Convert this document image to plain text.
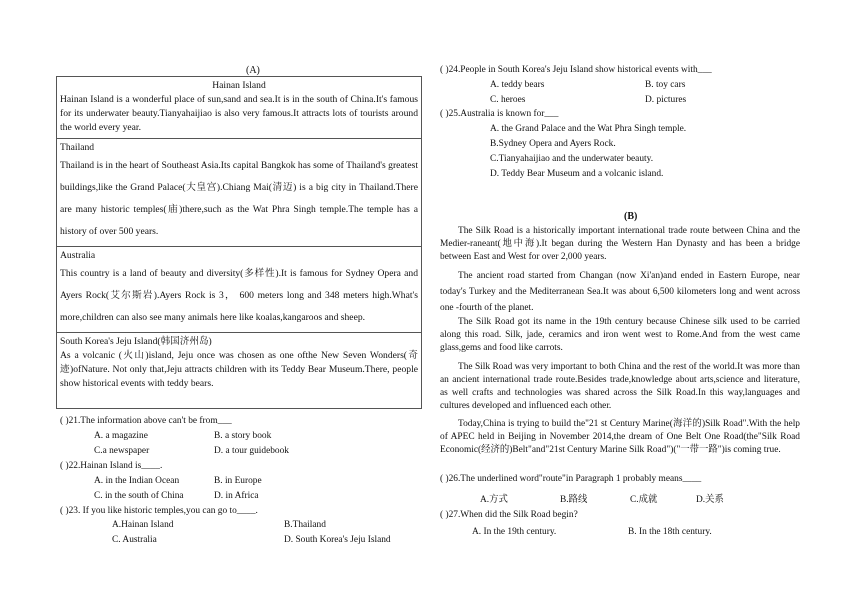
(A)
Hainan Island
Hainan Island is a wonderful place of sun,sand and sea.It is in the south of China.It's famous for its underwater beauty.Tianyahaijiao is also very famous.It attracts lots of tourists around the world every year.

Thailand
Thailand is in the heart of Southeast Asia.Its capital Bangkok has some of Thailand's greatest buildings,like the Grand Palace(大皇宫).Chiang Mai(清迈) is a big city in Thailand.There are many historic temples(庙)there,such as the Wat Phra Singh temple.The temple has a history of over 500 years.

Australia
This country is a land of beauty and diversity(多样性).It is famous for Sydney Opera and Ayers Rock(艾尔斯岩).Ayers Rock is 3， 600 meters long and 348 meters high.What's more,children can also see many animals here like koalas,kangaroos and sheep.

South Korea's Jeju Island(韩国济州岛)
As a volcanic (火山)island, Jeju once was chosen as one ofthe New Seven Wonders(奇迹)ofNature. Not only that,Jeju attracts children with its Teddy Bear Museum.There, people show historical events with teddy bears.
( )21.The information above can't be from___
A. a magazine	B. a story book
C.a newspaper	D. a tour guidebook
( )22.Hainan Island is____.
A. in the Indian Ocean	B. in Europe
C. in the south of China	D. in Africa
( )23. If you like historic temples,you can go to____.
A.Hainan Island	B.Thailand
C. Australia	D. South Korea's Jeju Island
( )24.People in South Korea's Jeju Island show historical events with___
A. teddy bears	B. toy cars
C. heroes	D. pictures
( )25.Australia is known for___
A. the Grand Palace and the Wat Phra Singh temple.
B.Sydney Opera and Ayers Rock.
C.Tianyahaijiao and the underwater beauty.
D. Teddy Bear Museum and a volcanic island.
(B)
The Silk Road is a historically important international trade route between China and the Medier-raneant(地中海).It began during the Western Han Dynasty and has been a bridge between East and West for over 2,000 years.
The ancient road started from Changan (now Xi'an)and ended in Eastern Europe, near today's Turkey and the Mediterranean Sea.It was about 6,500 kilometers long and went across one -fourth of the planet.
The Silk Road got its name in the 19th century because Chinese silk used to be carried along this road. Silk, jade, ceramics and iron went west to Rome.And from the west came glass,gems and food like carrots.
The Silk Road was very important to both China and the rest of the world.It was more than an ancient international trade route.Besides trade,knowledge about arts,science and literature, as well crafts and technologies was shared across the Silk Road.In this way,languages and cultures developed and influenced each other.
Today,China is trying to build the"21 st Century Marine(海洋的)Silk Road".With the help of APEC held in Beijing in November 2014,the dream of One Belt One Road(the"Silk Road Economic(经济的)Belt"and"21st Century Marine Silk Road")("一带一路")is coming true.
( )26.The underlined word"route"in Paragraph 1 probably means____
A.方式	B.路线	C.成就	D.关系
( )27.When did the Silk Road begin?
A. In the 19th century.	B. In the 18th century.
